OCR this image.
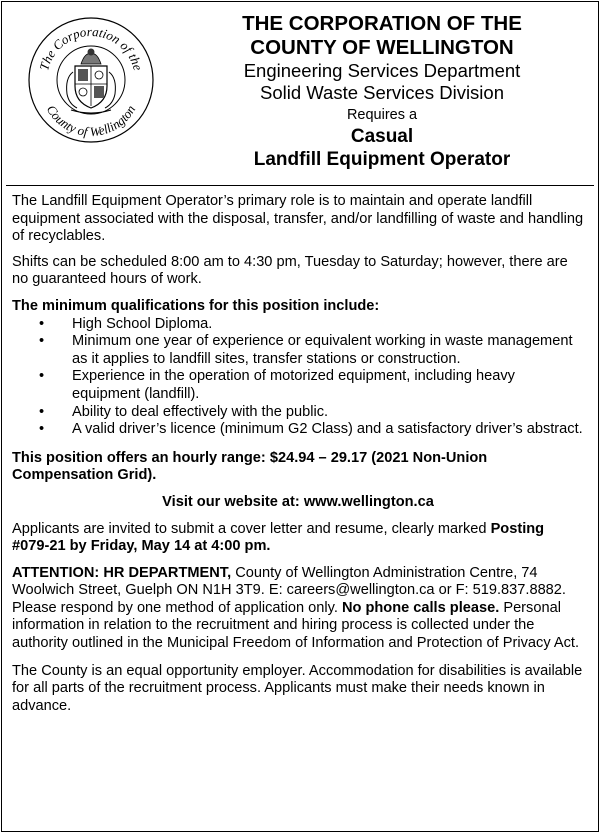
The Corporation of the
County of Wellington
THE CORPORATION OF THE
COUNTY OF WELLINGTON
Engineering Services Department
Solid Waste Services Division
Requires a
Casual
Landfill Equipment Operator

The Landfill Equipment Operator’s primary role is to maintain and operate landfill equipment associated with the disposal, transfer, and/or landfilling of waste and handling of recyclables.

Shifts can be scheduled 8:00 am to 4:30 pm, Tuesday to Saturday; however, there are no guaranteed hours of work.

The minimum qualifications for this position include:

• High School Diploma.
• Minimum one year of experience or equivalent working in waste management as it applies to landfill sites, transfer stations or construction.
• Experience in the operation of motorized equipment, including heavy equipment (landfill).
• Ability to deal effectively with the public.
• A valid driver’s licence (minimum G2 Class) and a satisfactory driver’s abstract.

This position offers an hourly range: $24.94 – 29.17 (2021 Non-Union Compensation Grid).

Visit our website at: www.wellington.ca

Applicants are invited to submit a cover letter and resume, clearly marked Posting #079-21 by Friday, May 14 at 4:00 pm.

ATTENTION: HR DEPARTMENT, County of Wellington Administration Centre, 74 Woolwich Street, Guelph ON N1H 3T9. E: careers@wellington.ca or F: 519.837.8882. Please respond by one method of application only. No phone calls please. Personal information in relation to the recruitment and hiring process is collected under the authority outlined in the Municipal Freedom of Information and Protection of Privacy Act.

The County is an equal opportunity employer. Accommodation for disabilities is available for all parts of the recruitment process. Applicants must make their needs known in advance.
